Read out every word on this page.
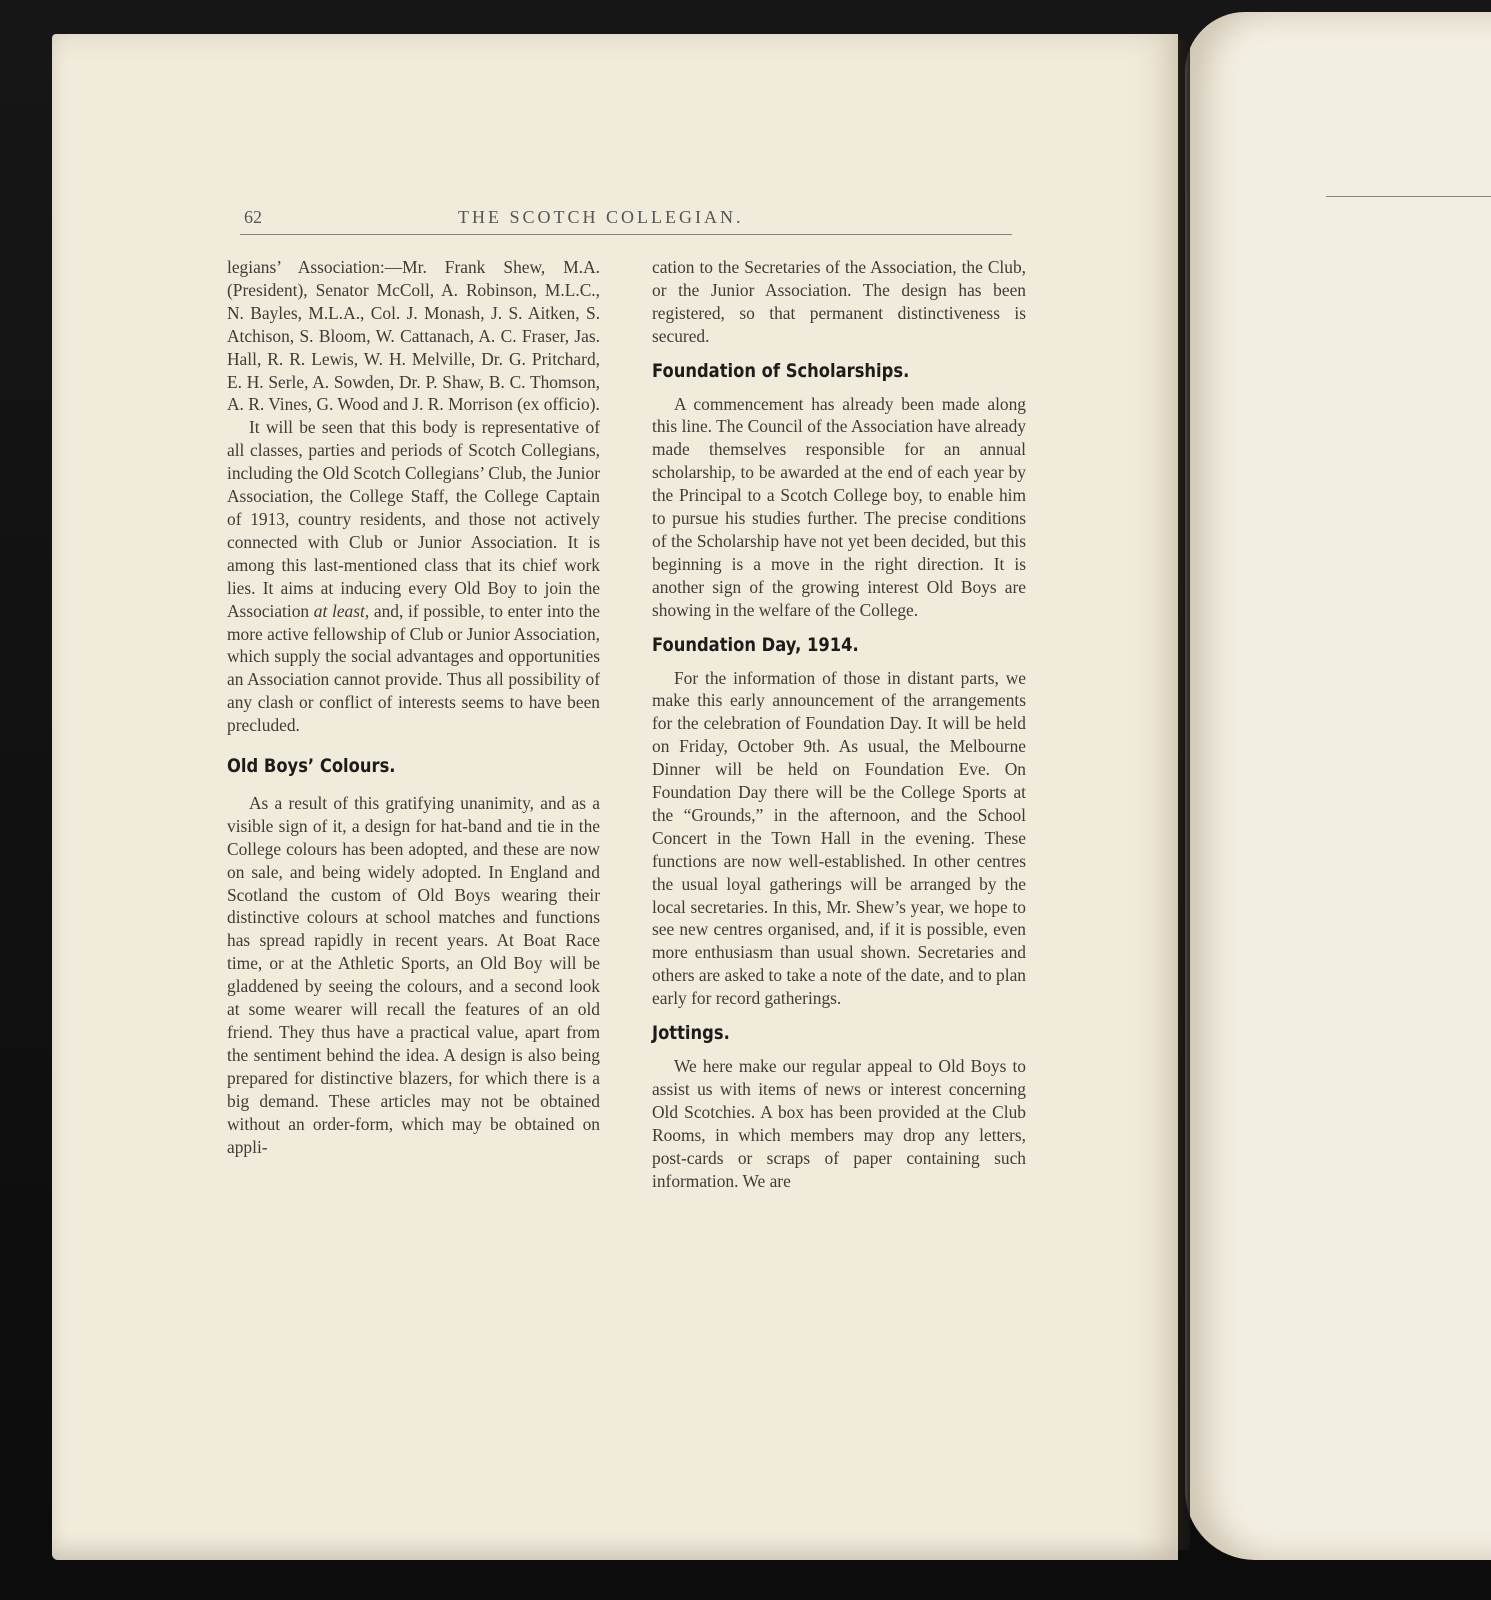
62	THE SCOTCH COLLEGIAN.

legians’ Association:—Mr. Frank Shew, M.A. (President), Senator McColl, A. Robinson, M.L.C., N. Bayles, M.L.A., Col. J. Monash, J. S. Aitken, S. Atchison, S. Bloom, W. Cattanach, A. C. Fraser, Jas. Hall, R. R. Lewis, W. H. Melville, Dr. G. Pritchard, E. H. Serle, A. Sowden, Dr. P. Shaw, B. C. Thomson, A. R. Vines, G. Wood and J. R. Morrison (ex officio).

It will be seen that this body is representative of all classes, parties and periods of Scotch Collegians, including the Old Scotch Collegians’ Club, the Junior Association, the College Staff, the College Captain of 1913, country residents, and those not actively connected with Club or Junior Association. It is among this last-mentioned class that its chief work lies. It aims at inducing every Old Boy to join the Association at least, and, if possible, to enter into the more active fellowship of Club or Junior Association, which supply the social advantages and opportunities an Association cannot provide. Thus all possibility of any clash or conflict of interests seems to have been precluded.

Old Boys’ Colours.

As a result of this gratifying unanimity, and as a visible sign of it, a design for hat-band and tie in the College colours has been adopted, and these are now on sale, and being widely adopted. In England and Scotland the custom of Old Boys wearing their distinctive colours at school matches and functions has spread rapidly in recent years. At Boat Race time, or at the Athletic Sports, an Old Boy will be gladdened by seeing the colours, and a second look at some wearer will recall the features of an old friend. They thus have a practical value, apart from the sentiment behind the idea. A design is also being prepared for distinctive blazers, for which there is a big demand. These articles may not be obtained without an order-form, which may be obtained on appli-

cation to the Secretaries of the Association, the Club, or the Junior Association. The design has been registered, so that permanent distinctiveness is secured.

Foundation of Scholarships.

A commencement has already been made along this line. The Council of the Association have already made themselves responsible for an annual scholarship, to be awarded at the end of each year by the Principal to a Scotch College boy, to enable him to pursue his studies further. The precise conditions of the Scholarship have not yet been decided, but this beginning is a move in the right direction. It is another sign of the growing interest Old Boys are showing in the welfare of the College.

Foundation Day, 1914.

For the information of those in distant parts, we make this early announcement of the arrangements for the celebration of Foundation Day. It will be held on Friday, October 9th. As usual, the Melbourne Dinner will be held on Foundation Eve. On Foundation Day there will be the College Sports at the “Grounds,” in the afternoon, and the School Concert in the Town Hall in the evening. These functions are now well-established. In other centres the usual loyal gatherings will be arranged by the local secretaries. In this, Mr. Shew’s year, we hope to see new centres organised, and, if it is possible, even more enthusiasm than usual shown. Secretaries and others are asked to take a note of the date, and to plan early for record gatherings.

Jottings.

We here make our regular appeal to Old Boys to assist us with items of news or interest concerning Old Scotchies. A box has been provided at the Club Rooms, in which members may drop any letters, post-cards or scraps of paper containing such information. We are
